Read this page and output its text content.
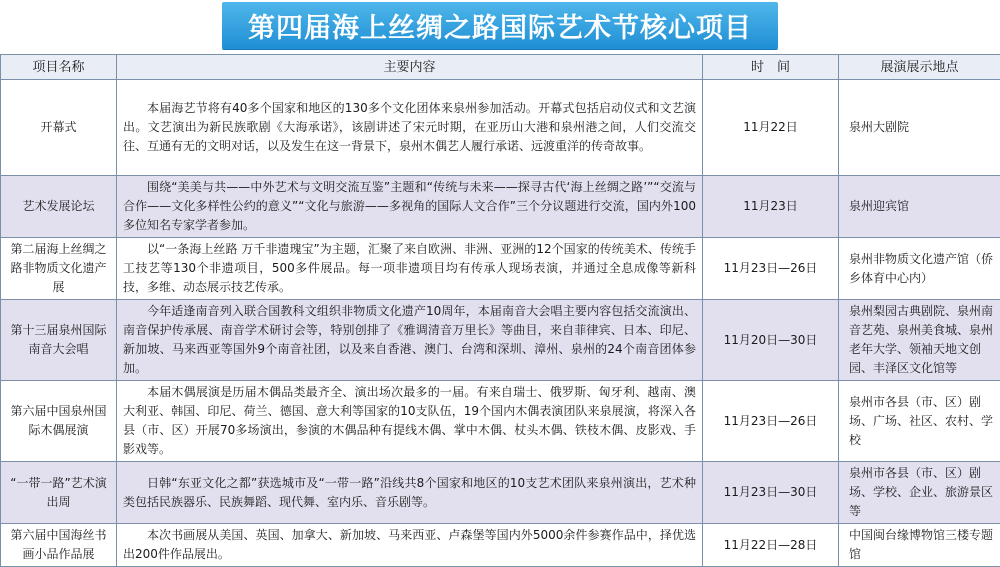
第四届海上丝绸之路国际艺术节核心项目
项目名称	主要内容	时　间	展演展示地点
开幕式	本届海艺节将有40多个国家和地区的130多个文化团体来泉州参加活动。开幕式包括启动仪式和文艺演出。文艺演出为新民族歌剧《大海承诺》，该剧讲述了宋元时期，在亚历山大港和泉州港之间，人们交流交往、互通有无的文明对话，以及发生在这一背景下，泉州木偶艺人履行承诺、远渡重洋的传奇故事。	11月22日	泉州大剧院
艺术发展论坛	围绕“美美与共——中外艺术与文明交流互鉴”主题和“传统与未来——探寻古代‘海上丝绸之路’”“交流与合作——文化多样性公约的意义”“文化与旅游——多视角的国际人文合作”三个分议题进行交流，国内外100多位知名专家学者参加。	11月23日	泉州迎宾馆
第二届海上丝绸之路非物质文化遗产展	以“一条海上丝路 万千非遗瑰宝”为主题，汇聚了来自欧洲、非洲、亚洲的12个国家的传统美术、传统手工技艺等130个非遗项目，500多件展品。每一项非遗项目均有传承人现场表演，并通过全息成像等新科技，多维、动态展示技艺传承。	11月23日—26日	泉州非物质文化遗产馆（侨乡体育中心内）
第十三届泉州国际南音大会唱	今年适逢南音列入联合国教科文组织非物质文化遗产10周年，本届南音大会唱主要内容包括交流演出、南音保护传承展、南音学术研讨会等，特别创排了《雅调清音万里长》等曲目，来自菲律宾、日本、印尼、新加坡、马来西亚等国外9个南音社团，以及来自香港、澳门、台湾和深圳、漳州、泉州的24个南音团体参加。	11月20日—30日	泉州梨园古典剧院、泉州南音艺苑、泉州美食城、泉州老年大学、领袖天地文创园、丰泽区文化馆等
第六届中国泉州国际木偶展演	本届木偶展演是历届木偶品类最齐全、演出场次最多的一届。有来自瑞士、俄罗斯、匈牙利、越南、澳大利亚、韩国、印尼、荷兰、德国、意大利等国家的10支队伍，19个国内木偶表演团队来泉展演，将深入各县（市、区）开展70多场演出，参演的木偶品种有提线木偶、掌中木偶、杖头木偶、铁枝木偶、皮影戏、手影戏等。	11月23日—26日	泉州市各县（市、区）剧场、广场、社区、农村、学校
“一带一路”艺术演出周	日韩“东亚文化之都”获选城市及“一带一路”沿线共8个国家和地区的10支艺术团队来泉州演出，艺术种类包括民族器乐、民族舞蹈、现代舞、室内乐、音乐剧等。	11月23日—30日	泉州市各县（市、区）剧场、学校、企业、旅游景区等
第六届中国海丝书画小品作品展	本次书画展从美国、英国、加拿大、新加坡、马来西亚、卢森堡等国内外5000余件参赛作品中，择优选出200件作品展出。	11月22日—28日	中国闽台缘博物馆三楼专题馆
